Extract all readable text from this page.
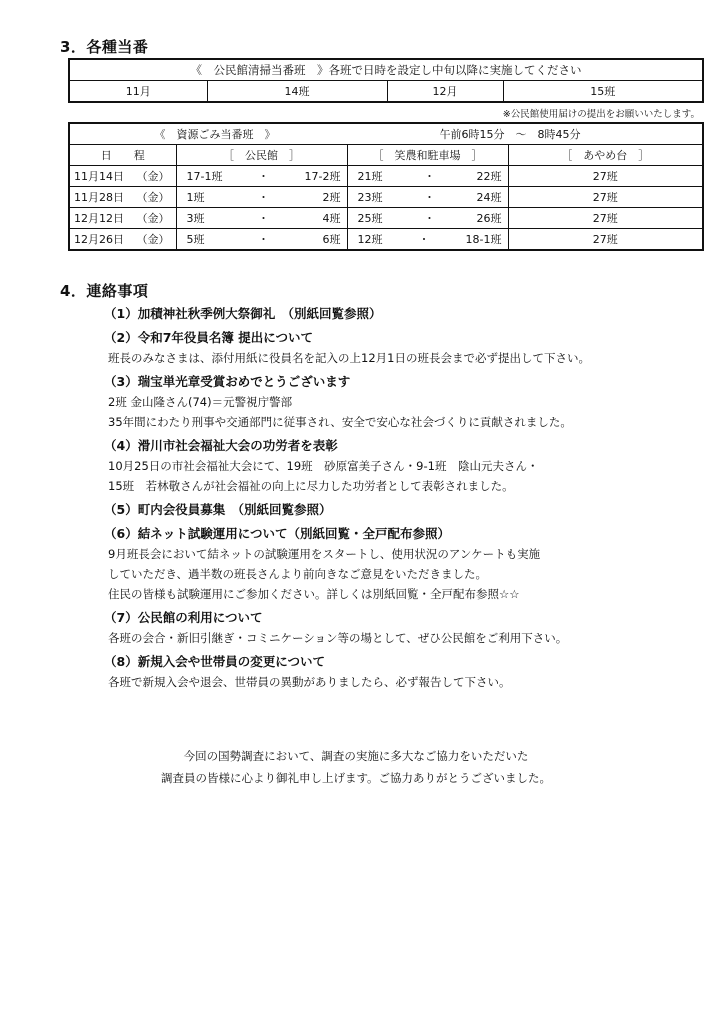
3．各種当番
《　公民館清掃当番班　》各班で日時を設定し中旬以降に実施してください
11月	14班	12月	15班
※公民館使用届けの提出をお願いいたします。
《　資源ごみ当番班　》 午前6時15分　～　8時45分			
日　　程	［　公民館　］	［　笑農和駐車場　］	［　あやめ台　］

11月14日 （金）	17-1班 ・ 17-2班	21班 ・ 22班	27班

11月28日 （金）	1班 ・ 2班	23班 ・ 24班	27班

12月12日 （金）	3班 ・ 4班	25班 ・ 26班	27班

12月26日 （金）	5班 ・ 6班	12班 ・ 18-1班	27班
4．連絡事項
（1）加積神社秋季例大祭御礼　（別紙回覧参照）
（2）令和7年役員名簿 提出について
班長のみなさまは、添付用紙に役員名を記入の上12月1日の班長会まで必ず提出して下さい。
（3）瑞宝単光章受賞おめでとうございます
2班 金山隆さん(74)＝元警視庁警部
35年間にわたり刑事や交通部門に従事され、安全で安心な社会づくりに貢献されました。
（4）滑川市社会福祉大会の功労者を表彰
10月25日の市社会福祉大会にて、19班　砂原富美子さん・9-1班　陰山元夫さん・
15班　若林敬さんが社会福祉の向上に尽力した功労者として表彰されました。
（5）町内会役員募集　（別紙回覧参照）
（6）結ネット試験運用について（別紙回覧・全戸配布参照）
9月班長会において結ネットの試験運用をスタートし、使用状況のアンケートも実施
していただき、過半数の班長さんより前向きなご意見をいただきました。
住民の皆様も試験運用にご参加ください。詳しくは別紙回覧・全戸配布参照☆☆
（7）公民館の利用について
各班の会合・新旧引継ぎ・コミニケーション等の場として、ぜひ公民館をご利用下さい。
（8）新規入会や世帯員の変更について
各班で新規入会や退会、世帯員の異動がありましたら、必ず報告して下さい。
今回の国勢調査において、調査の実施に多大なご協力をいただいた
調査員の皆様に心より御礼申し上げます。ご協力ありがとうございました。
